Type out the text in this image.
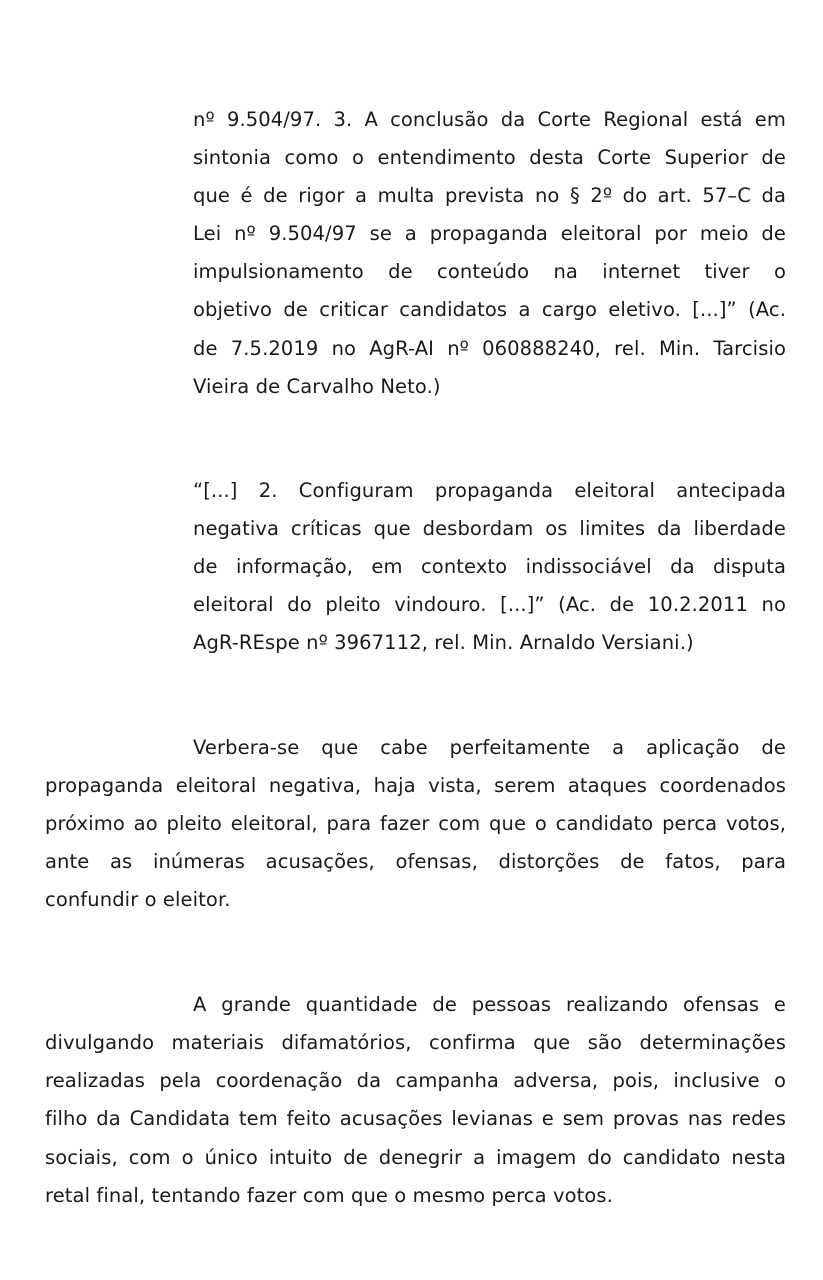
nº 9.504/97. 3. A conclusão da Corte Regional está em
sintonia como o entendimento desta Corte Superior de
que é de rigor a multa prevista no § 2º do art. 57–C da
Lei nº 9.504/97 se a propaganda eleitoral por meio de
impulsionamento de conteúdo na internet tiver o
objetivo de criticar candidatos a cargo eletivo. [...]” (Ac.
de 7.5.2019 no AgR-AI nº 060888240, rel. Min. Tarcisio
Vieira de Carvalho Neto.)
“[...] 2. Configuram propaganda eleitoral antecipada
negativa críticas que desbordam os limites da liberdade
de informação, em contexto indissociável da disputa
eleitoral do pleito vindouro. [...]” (Ac. de 10.2.2011 no
AgR-REspe nº 3967112, rel. Min. Arnaldo Versiani.)
Verbera-se que cabe perfeitamente a aplicação de
propaganda eleitoral negativa, haja vista, serem ataques coordenados
próximo ao pleito eleitoral, para fazer com que o candidato perca votos,
ante as inúmeras acusações, ofensas, distorções de fatos, para
confundir o eleitor.
A grande quantidade de pessoas realizando ofensas e
divulgando materiais difamatórios, confirma que são determinações
realizadas pela coordenação da campanha adversa, pois, inclusive o
filho da Candidata tem feito acusações levianas e sem provas nas redes
sociais, com o único intuito de denegrir a imagem do candidato nesta
retal final, tentando fazer com que o mesmo perca votos.
